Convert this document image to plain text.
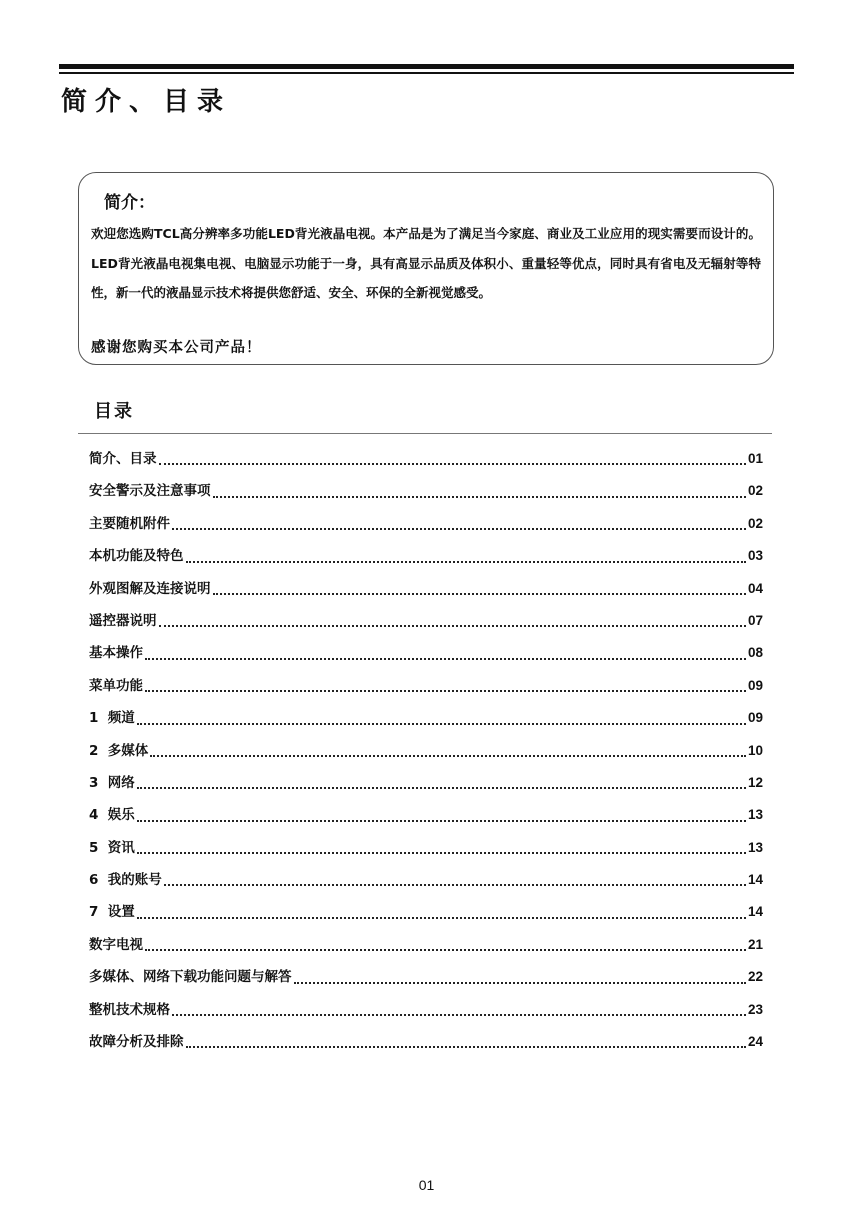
简介、目录
简介：

欢迎您选购TCL高分辨率多功能LED背光液晶电视。本产品是为了满足当今家庭、商业及工业应用的现实需要而设计的。LED背光液晶电视集电视、电脑显示功能于一身，具有高显示品质及体积小、重量轻等优点，同时具有省电及无辐射等特性，新一代的液晶显示技术将提供您舒适、安全、环保的全新视觉感受。

感谢您购买本公司产品！

目录
简介、目录	01
安全警示及注意事项	02
主要随机附件	02
本机功能及特色	03
外观图解及连接说明	04
遥控器说明	07
基本操作	08
菜单功能	09
1  频道	09
2  多媒体	10
3  网络	12
4  娱乐	13
5  资讯	13
6  我的账号	14
7  设置	14
数字电视	21
多媒体、网络下载功能问题与解答	22
整机技术规格	23
故障分析及排除	24

01
